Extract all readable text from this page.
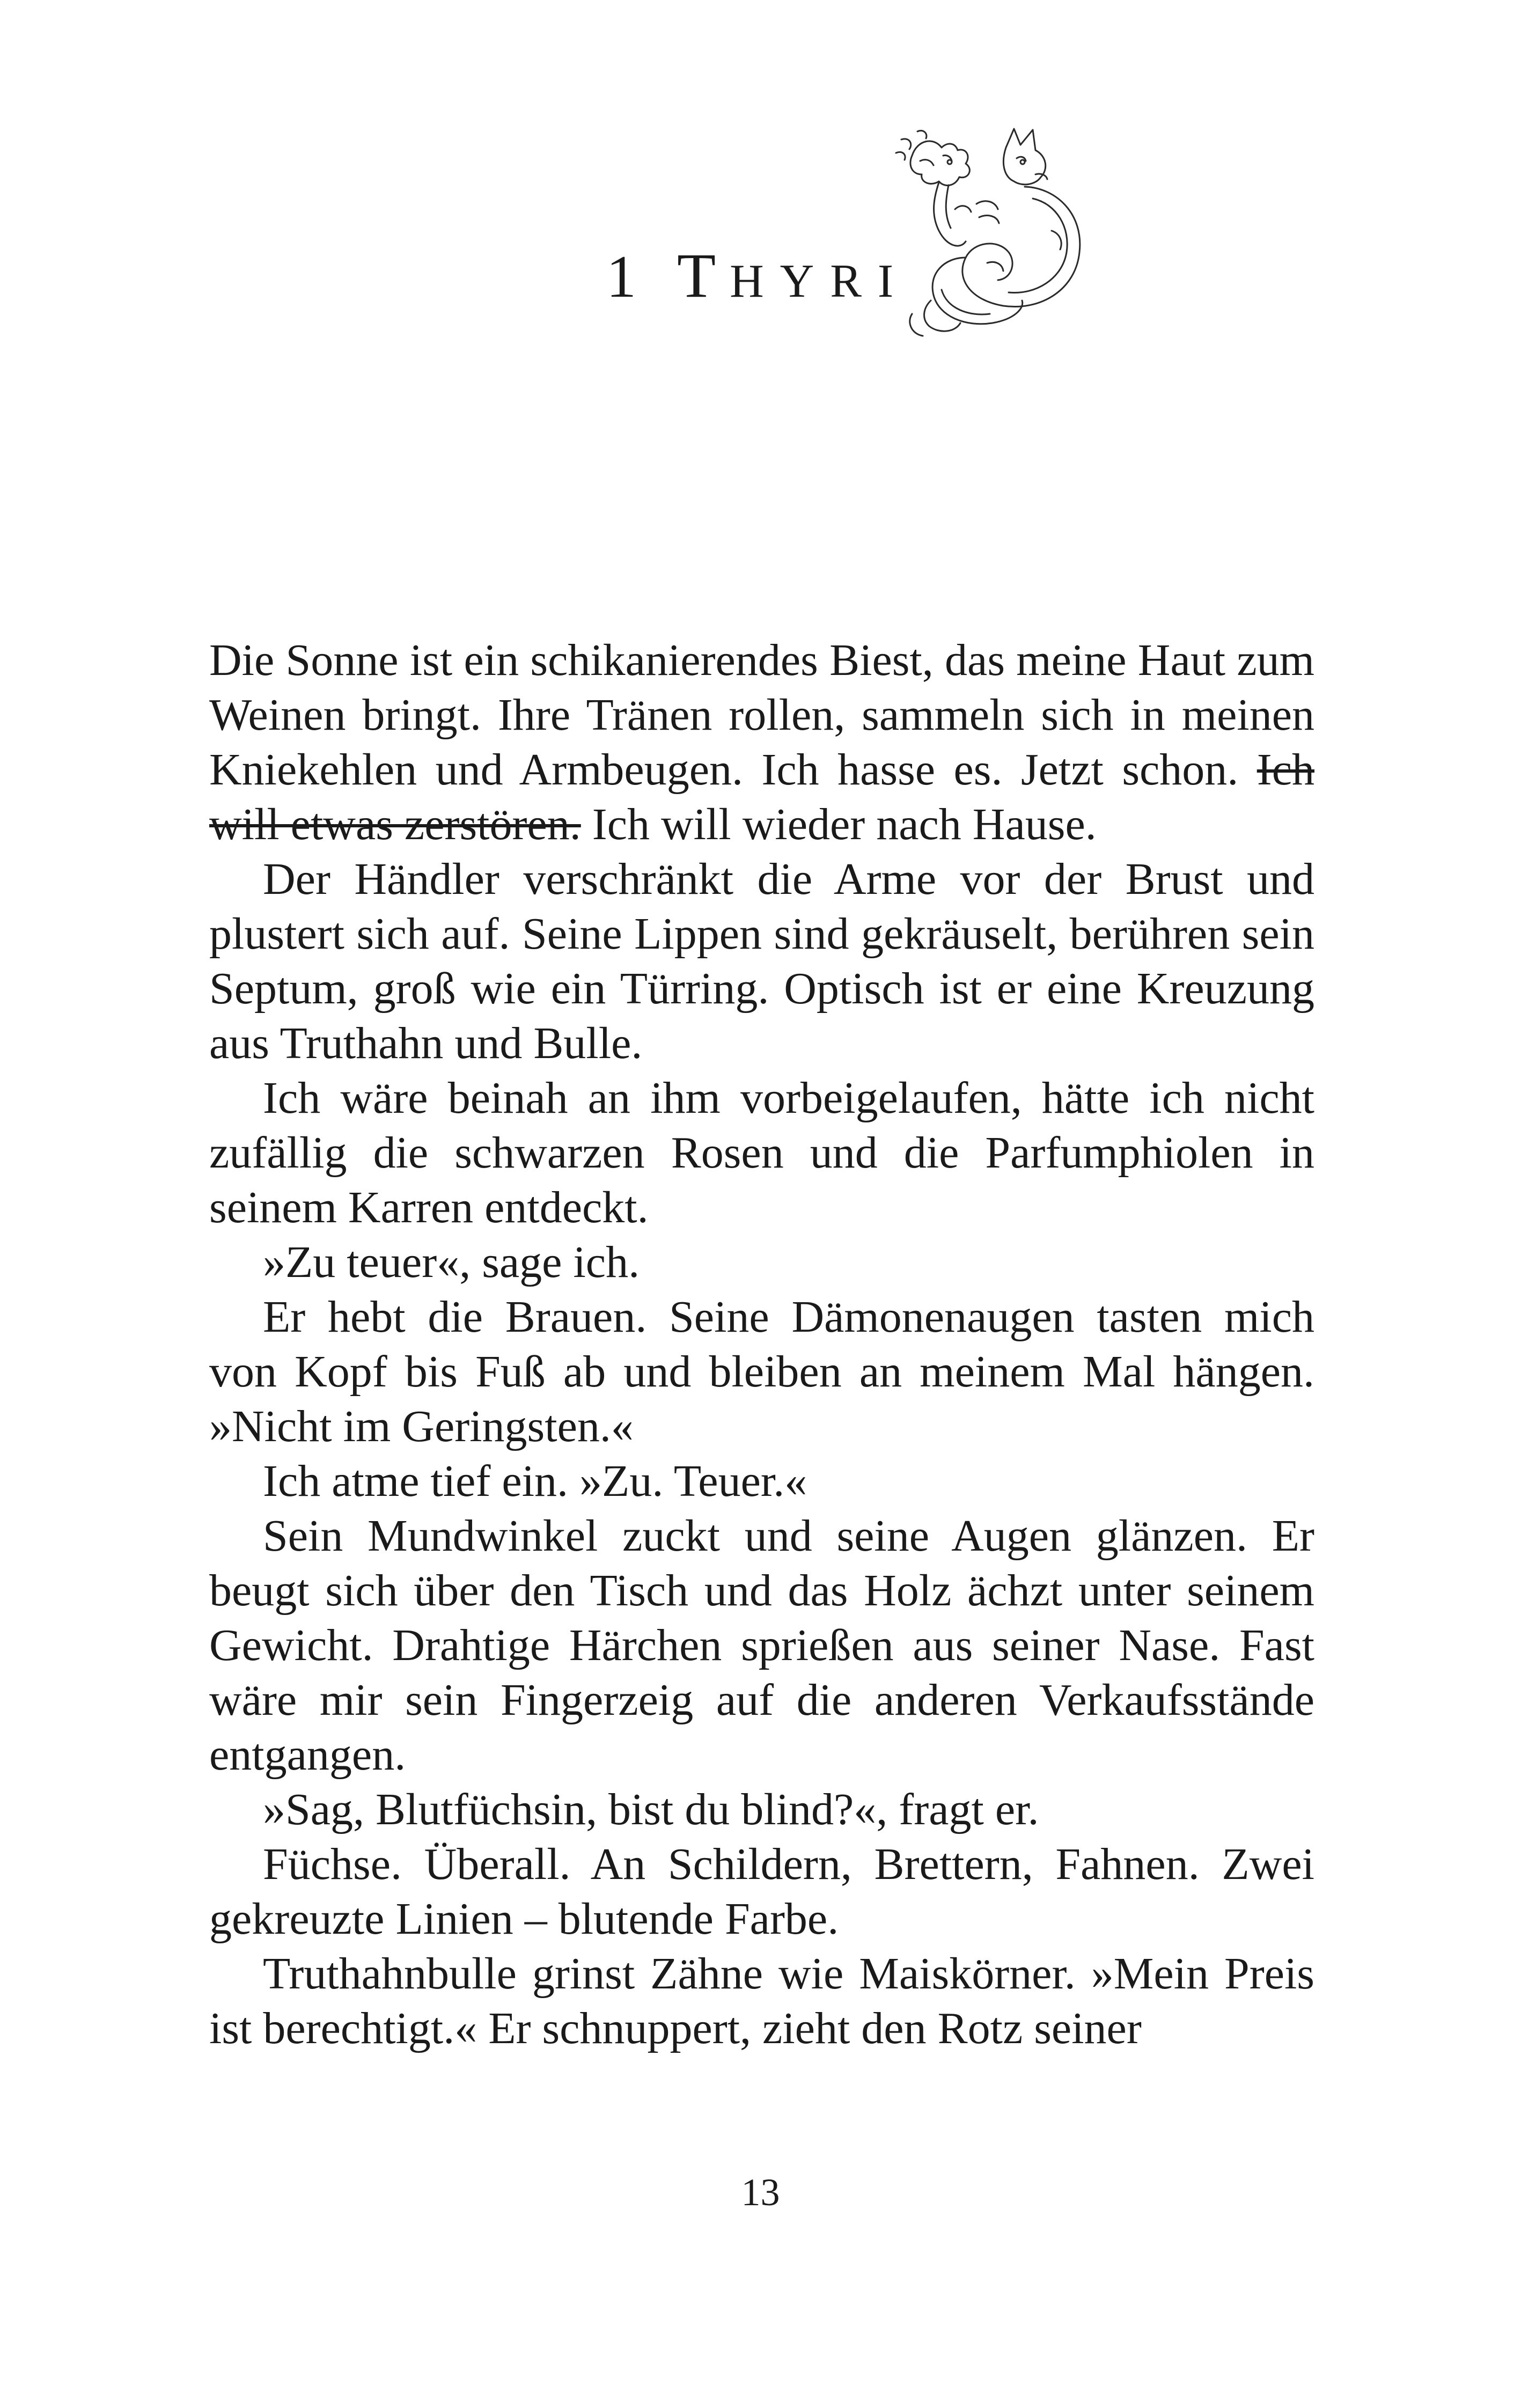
1 THYRI

Die Sonne ist ein schikanierendes Biest, das meine Haut zum Weinen bringt. Ihre Tränen rollen, sammeln sich in meinen Kniekehlen und Armbeugen. Ich hasse es. Jetzt schon. Ich will etwas zerstören. Ich will wieder nach Hause.

Der Händler verschränkt die Arme vor der Brust und plustert sich auf. Seine Lippen sind gekräuselt, berühren sein Septum, groß wie ein Türring. Optisch ist er eine Kreuzung aus Truthahn und Bulle.

Ich wäre beinah an ihm vorbeigelaufen, hätte ich nicht zufällig die schwarzen Rosen und die Parfumphiolen in seinem Karren entdeckt.

»Zu teuer«, sage ich.

Er hebt die Brauen. Seine Dämonenaugen tasten mich von Kopf bis Fuß ab und bleiben an meinem Mal hängen. »Nicht im Geringsten.«

Ich atme tief ein. »Zu. Teuer.«

Sein Mundwinkel zuckt und seine Augen glänzen. Er beugt sich über den Tisch und das Holz ächzt unter seinem Gewicht. Drahtige Härchen sprießen aus seiner Nase. Fast wäre mir sein Fingerzeig auf die anderen Verkaufsstände entgangen.

»Sag, Blutfüchsin, bist du blind?«, fragt er.

Füchse. Überall. An Schildern, Brettern, Fahnen. Zwei gekreuzte Linien – blutende Farbe.

Truthahnbulle grinst Zähne wie Maiskörner. »Mein Preis ist berechtigt.« Er schnuppert, zieht den Rotz seiner

13
